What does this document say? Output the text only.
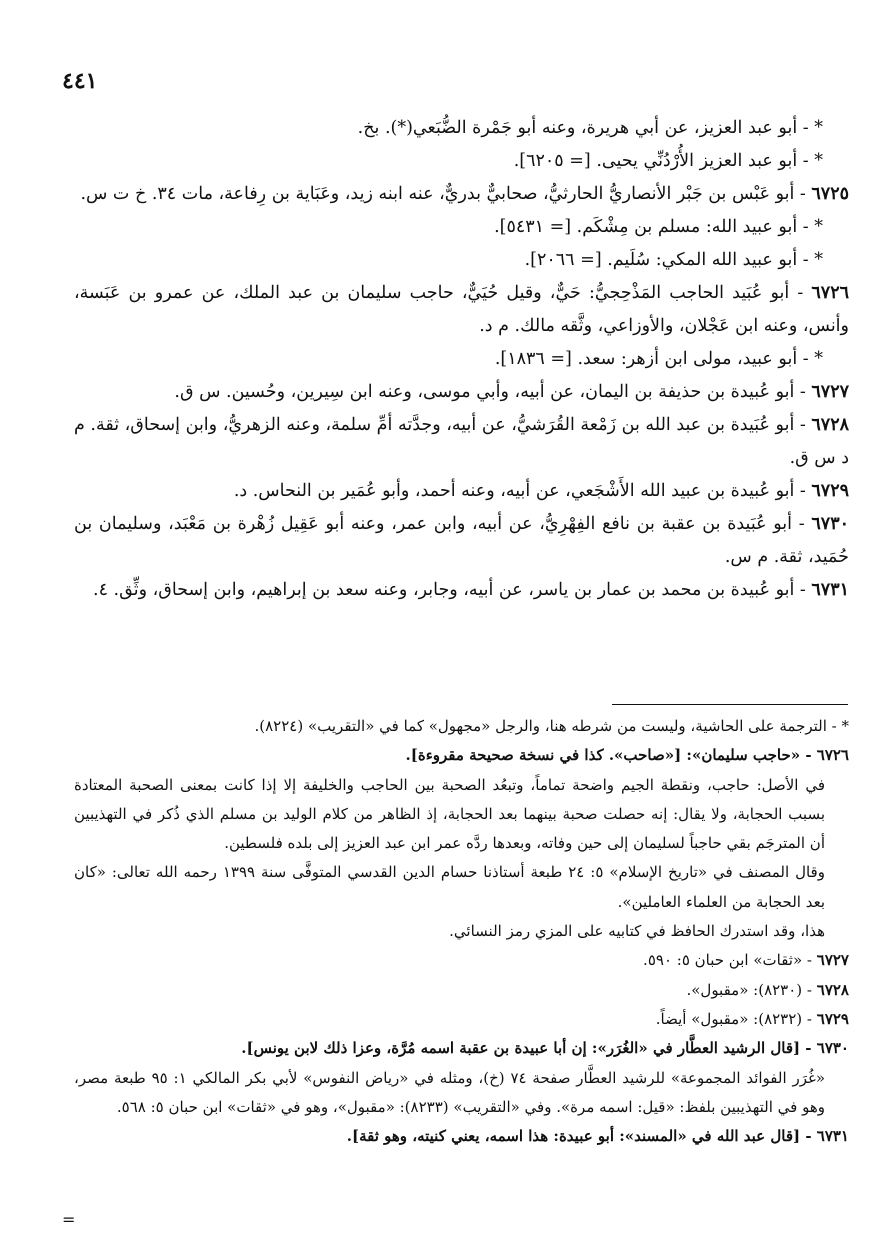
٤٤١

* - أبو عبد العزيز، عن أبي هريرة، وعنه أبو جَمْرة الضُّبَعي(*). بخ.

* - أبو عبد العزيز الأُرْدُنِّي يحيى. [= ٦٢٠٥].

٦٧٢٥ - أبو عَبْس بن جَبْر الأنصاريُّ الحارثيُّ، صحابيٌّ بدريٌّ، عنه ابنه زيد، وعَبَاية بن رِفاعة، مات ٣٤. خ ت س.

* - أبو عبيد الله: مسلم بن مِشْكَم. [= ٥٤٣١].

* - أبو عبيد الله المكي: سُلَيم. [= ٢٠٦٦].

٦٧٢٦ - أبو عُبَيد الحاجب المَذْحِجيُّ: حَيٌّ، وقيل حُيَيٌّ، حاجب سليمان بن عبد الملك، عن عمرو بن عَبَسة، وأنس، وعنه ابن عَجْلان، والأوزاعي، وثَّقه مالك. م د.

* - أبو عبيد، مولى ابن أزهر: سعد. [= ١٨٣٦].

٦٧٢٧ - أبو عُبيدة بن حذيفة بن اليمان، عن أبيه، وأبي موسى، وعنه ابن سِيرين، وحُسين. س ق.

٦٧٢٨ - أبو عُبَيدة بن عبد الله بن زَمْعة القُرَشيُّ، عن أبيه، وجدَّته أمِّ سلمة، وعنه الزهريُّ، وابن إسحاق، ثقة. م د س ق.

٦٧٢٩ - أبو عُبيدة بن عبيد الله الأَشْجَعي، عن أبيه، وعنه أحمد، وأبو عُمَير بن النحاس. د.

٦٧٣٠ - أبو عُبَيدة بن عقبة بن نافع الفِهْرِيُّ، عن أبيه، وابن عمر، وعنه أبو عَقِيل زُهْرة بن مَعْبَد، وسليمان بن حُمَيد، ثقة. م س.

٦٧٣١ - أبو عُبيدة بن محمد بن عمار بن ياسر، عن أبيه، وجابر، وعنه سعد بن إبراهيم، وابن إسحاق، وثِّق. ٤.

* - الترجمة على الحاشية، وليست من شرطه هنا، والرجل «مجهول» كما في «التقريب» (٨٢٢٤).

٦٧٢٦ - «حاجب سليمان»: [«صاحب». كذا في نسخة صحيحة مقروءة].

في الأصل: حاجب، ونقطة الجيم واضحة تماماً، وتبعُد الصحبة بين الحاجب والخليفة إلا إذا كانت بمعنى الصحبة المعتادة بسبب الحجابة، ولا يقال: إنه حصلت صحبة بينهما بعد الحجابة، إذ الظاهر من كلام الوليد بن مسلم الذي ذُكر في التهذيبين أن المترجَم بقي حاجباً لسليمان إلى حين وفاته، وبعدها ردَّه عمر ابن عبد العزيز إلى بلده فلسطين.

وقال المصنف في «تاريخ الإسلام» ٥: ٢٤ طبعة أستاذنا حسام الدين القدسي المتوفَّى سنة ١٣٩٩ رحمه الله تعالى: «كان بعد الحجابة من العلماء العاملين».

هذا، وقد استدرك الحافظ في كتابيه على المزي رمز النسائي.

٦٧٢٧ - «ثقات» ابن حبان ٥: ٥٩٠.

٦٧٢٨ - (٨٢٣٠): «مقبول».

٦٧٢٩ - (٨٢٣٢): «مقبول» أيضاً.

٦٧٣٠ - [قال الرشيد العطَّار في «الغُرَر»: إن أبا عبيدة بن عقبة اسمه مُرَّة، وعزا ذلك لابن يونس].

«غُرَر الفوائد المجموعة» للرشيد العطَّار صفحة ٧٤ (خ)، ومثله في «رياض النفوس» لأبي بكر المالكي ١: ٩٥ طبعة مصر، وهو في التهذيبين بلفظ: «قيل: اسمه مرة». وفي «التقريب» (٨٢٣٣): «مقبول»، وهو في «ثقات» ابن حبان ٥: ٥٦٨.

٦٧٣١ - [قال عبد الله في «المسند»: أبو عبيدة: هذا اسمه، يعني كنيته، وهو ثقة].

=
